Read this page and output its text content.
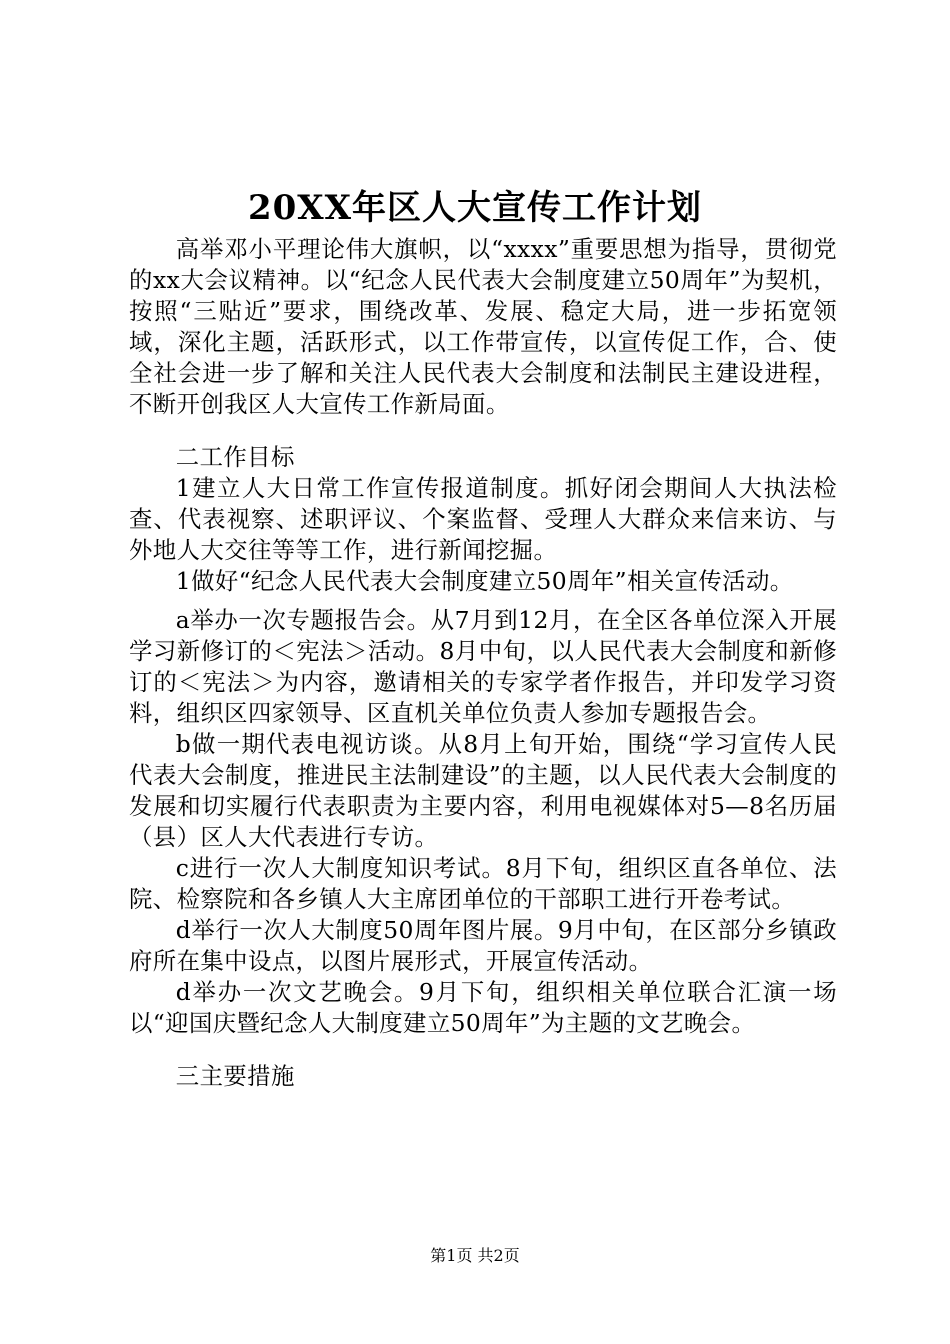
20XX年区人大宣传工作计划

高举邓小平理论伟大旗帜，以“xxxx”重要思想为指导，贯彻党的xx大会议精神。以“纪念人民代表大会制度建立50周年”为契机，按照“三贴近”要求，围绕改革、发展、稳定大局，进一步拓宽领域，深化主题，活跃形式，以工作带宣传，以宣传促工作，合、使全社会进一步了解和关注人民代表大会制度和法制民主建设进程，不断开创我区人大宣传工作新局面。

二工作目标

1建立人大日常工作宣传报道制度。抓好闭会期间人大执法检查、代表视察、述职评议、个案监督、受理人大群众来信来访、与外地人大交往等等工作，进行新闻挖掘。

1做好“纪念人民代表大会制度建立50周年”相关宣传活动。

a举办一次专题报告会。从7月到12月，在全区各单位深入开展学习新修订的＜宪法＞活动。8月中旬，以人民代表大会制度和新修订的＜宪法＞为内容，邀请相关的专家学者作报告，并印发学习资料，组织区四家领导、区直机关单位负责人参加专题报告会。

b做一期代表电视访谈。从8月上旬开始，围绕“学习宣传人民代表大会制度，推进民主法制建设”的主题，以人民代表大会制度的发展和切实履行代表职责为主要内容，利用电视媒体对5—8名历届（县）区人大代表进行专访。

c进行一次人大制度知识考试。8月下旬，组织区直各单位、法院、检察院和各乡镇人大主席团单位的干部职工进行开卷考试。

d举行一次人大制度50周年图片展。9月中旬，在区部分乡镇政府所在集中设点，以图片展形式，开展宣传活动。

d举办一次文艺晚会。9月下旬，组织相关单位联合汇演一场以“迎国庆暨纪念人大制度建立50周年”为主题的文艺晚会。

三主要措施

第1页 共2页
